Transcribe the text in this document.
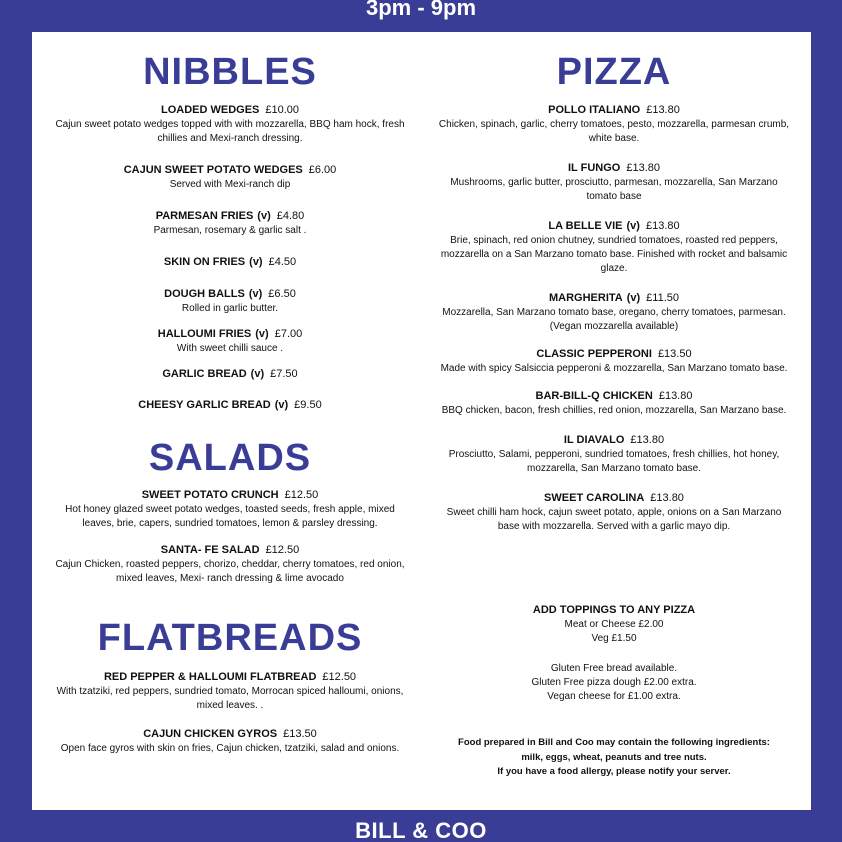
3pm - 9pm
NIBBLES
LOADED WEDGES £10.00
Cajun sweet potato wedges topped with with mozzarella, BBQ ham hock, fresh chillies and Mexi-ranch dressing.
CAJUN SWEET POTATO WEDGES £6.00
Served with Mexi-ranch dip
PARMESAN FRIES (v) £4.80
Parmesan, rosemary & garlic salt .
SKIN ON FRIES (v) £4.50
DOUGH BALLS (v) £6.50
Rolled in garlic butter.
HALLOUMI FRIES (v) £7.00
With sweet chilli sauce .
GARLIC BREAD (v) £7.50
CHEESY GARLIC BREAD (v) £9.50
SALADS
SWEET POTATO CRUNCH £12.50
Hot honey glazed sweet potato wedges, toasted seeds, fresh apple, mixed leaves, brie, capers, sundried tomatoes, lemon & parsley dressing.
SANTA- FE SALAD £12.50
Cajun Chicken, roasted peppers, chorizo, cheddar, cherry tomatoes, red onion, mixed leaves, Mexi- ranch dressing & lime avocado
FLATBREADS
RED PEPPER & HALLOUMI FLATBREAD £12.50
With tzatziki, red peppers, sundried tomato, Morrocan spiced halloumi, onions, mixed leaves. .
CAJUN CHICKEN GYROS £13.50
Open face gyros with skin on fries, Cajun chicken, tzatziki, salad and onions.
PIZZA
POLLO ITALIANO £13.80
Chicken, spinach, garlic, cherry tomatoes, pesto, mozzarella, parmesan crumb, white base.
IL FUNGO £13.80
Mushrooms, garlic butter, prosciutto, parmesan, mozzarella, San Marzano tomato base
LA BELLE VIE (v) £13.80
Brie, spinach, red onion chutney, sundried tomatoes, roasted red peppers, mozzarella on a San Marzano tomato base. Finished with rocket and balsamic glaze.
MARGHERITA (v) £11.50
Mozzarella, San Marzano tomato base, oregano, cherry tomatoes, parmesan. (Vegan mozzarella available)
CLASSIC PEPPERONI £13.50
Made with spicy Salsiccia pepperoni & mozzarella, San Marzano tomato base.
BAR-BILL-Q CHICKEN £13.80
BBQ chicken, bacon, fresh chillies, red onion, mozzarella, San Marzano base.
IL DIAVALO £13.80
Prosciutto, Salami, pepperoni, sundried tomatoes, fresh chillies, hot honey, mozzarella, San Marzano tomato base.
SWEET CAROLINA £13.80
Sweet chilli ham hock, cajun sweet potato, apple, onions on a San Marzano base with mozzarella. Served with a garlic mayo dip.
ADD TOPPINGS TO ANY PIZZA
Meat or Cheese £2.00
Veg £1.50
Gluten Free bread available.
Gluten Free pizza dough £2.00 extra.
Vegan cheese for £1.00 extra.
Food prepared in Bill and Coo may contain the following ingredients:
milk, eggs, wheat, peanuts and tree nuts.
If you have a food allergy, please notify your server.
BILL & COO
